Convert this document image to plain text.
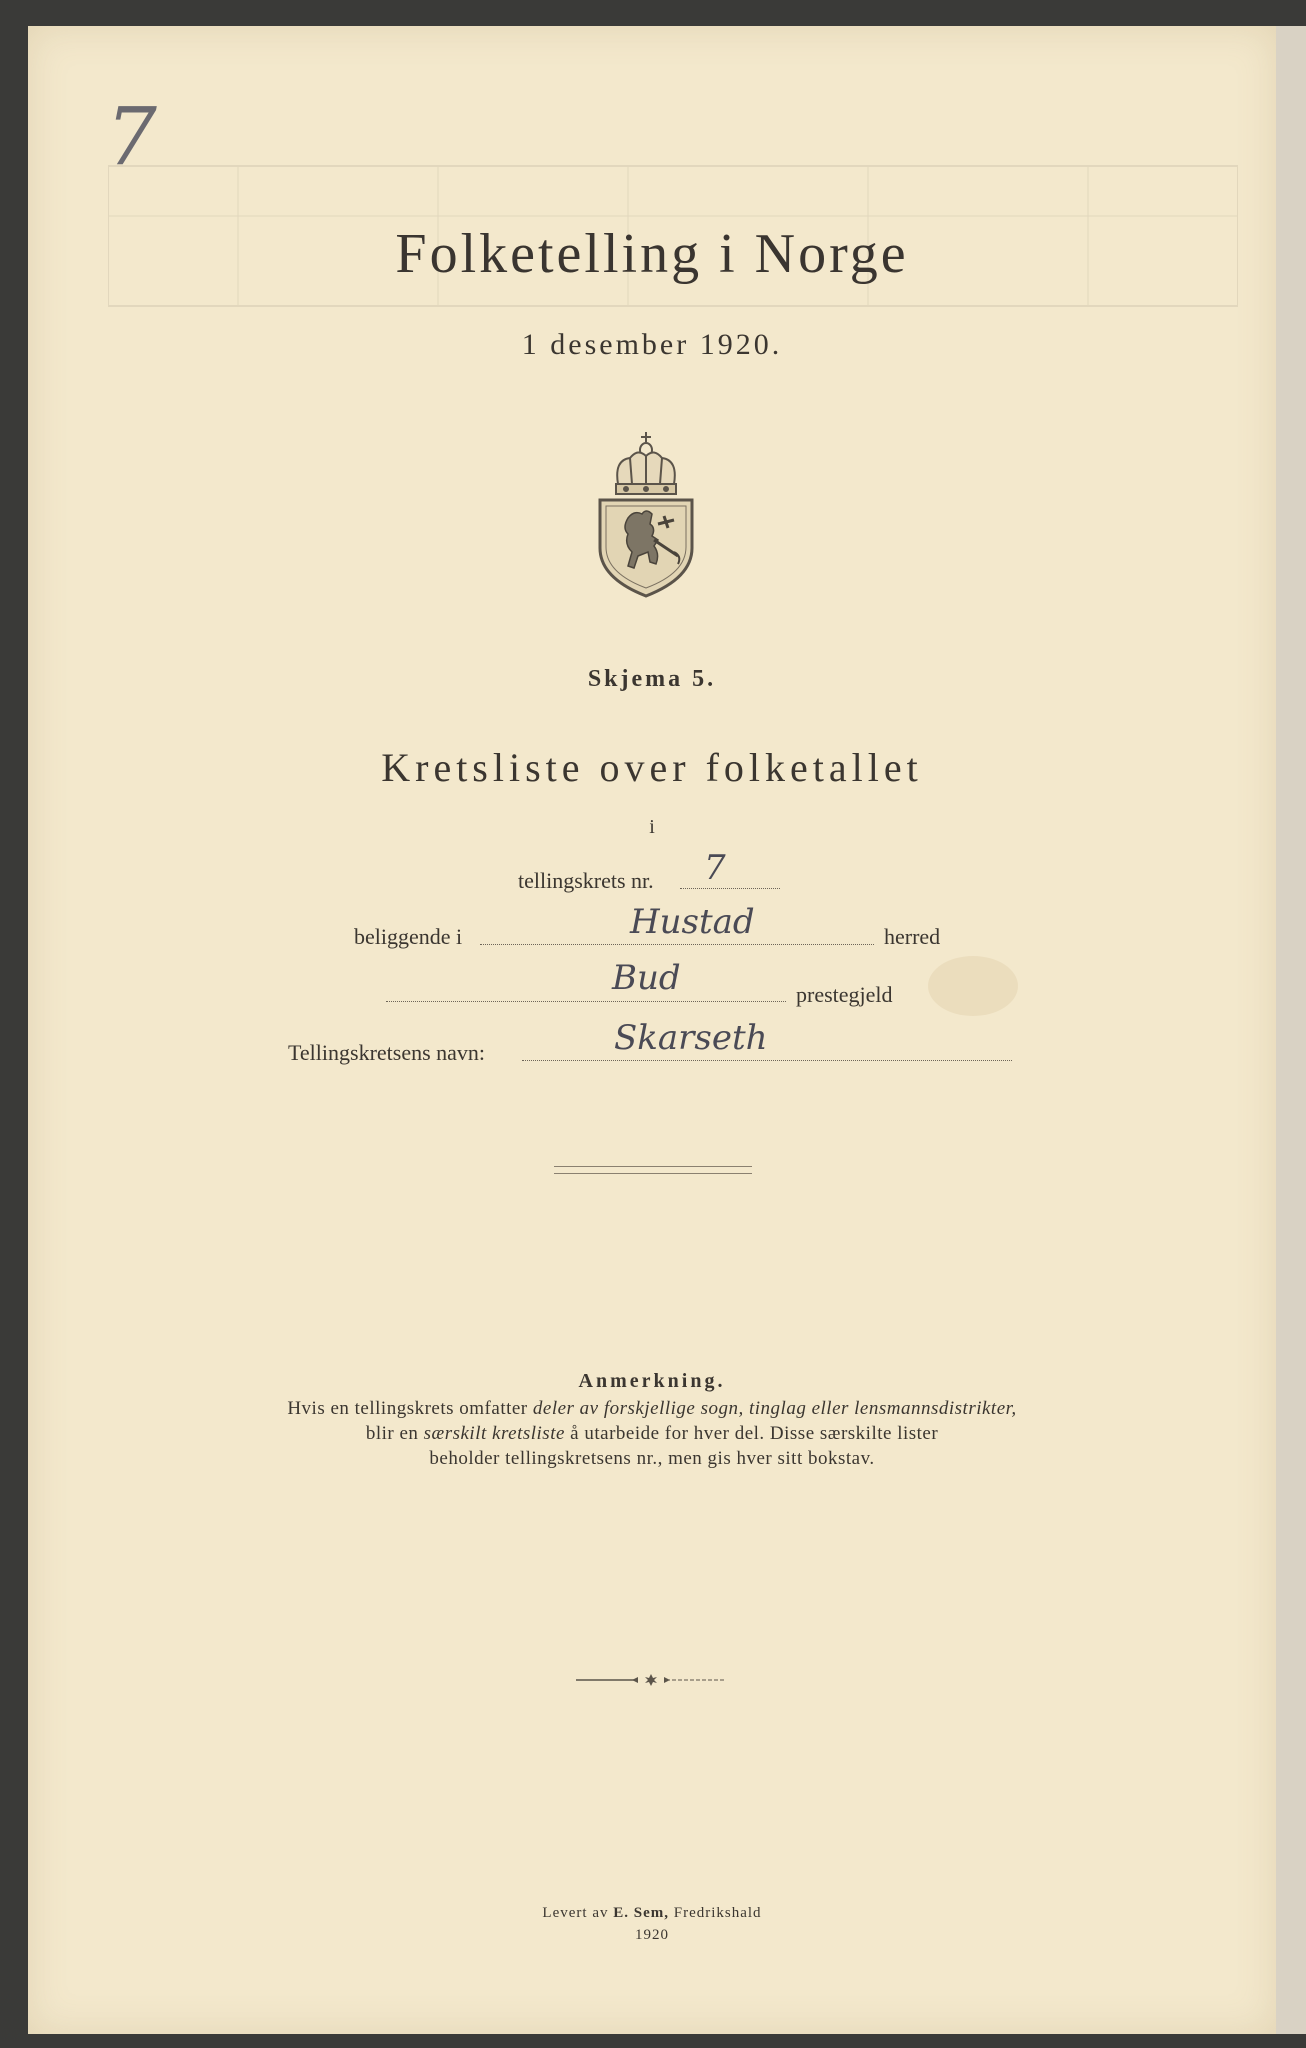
7
Folketelling i Norge
1 desember 1920.
Skjema 5.
Kretsliste over folketallet
i
tellingskrets nr. 7
beliggende i	Hustad	herred
Bud	prestegjeld
Tellingskretsens navn:	Skarseth
Anmerkning.
Hvis en tellingskrets omfatter deler av forskjellige sogn, tinglag eller lensmannsdistrikter,
blir en særskilt kretsliste å utarbeide for hver del. Disse særskilte lister
beholder tellingskretsens nr., men gis hver sitt bokstav.
Levert av E. Sem, Fredrikshald
1920
